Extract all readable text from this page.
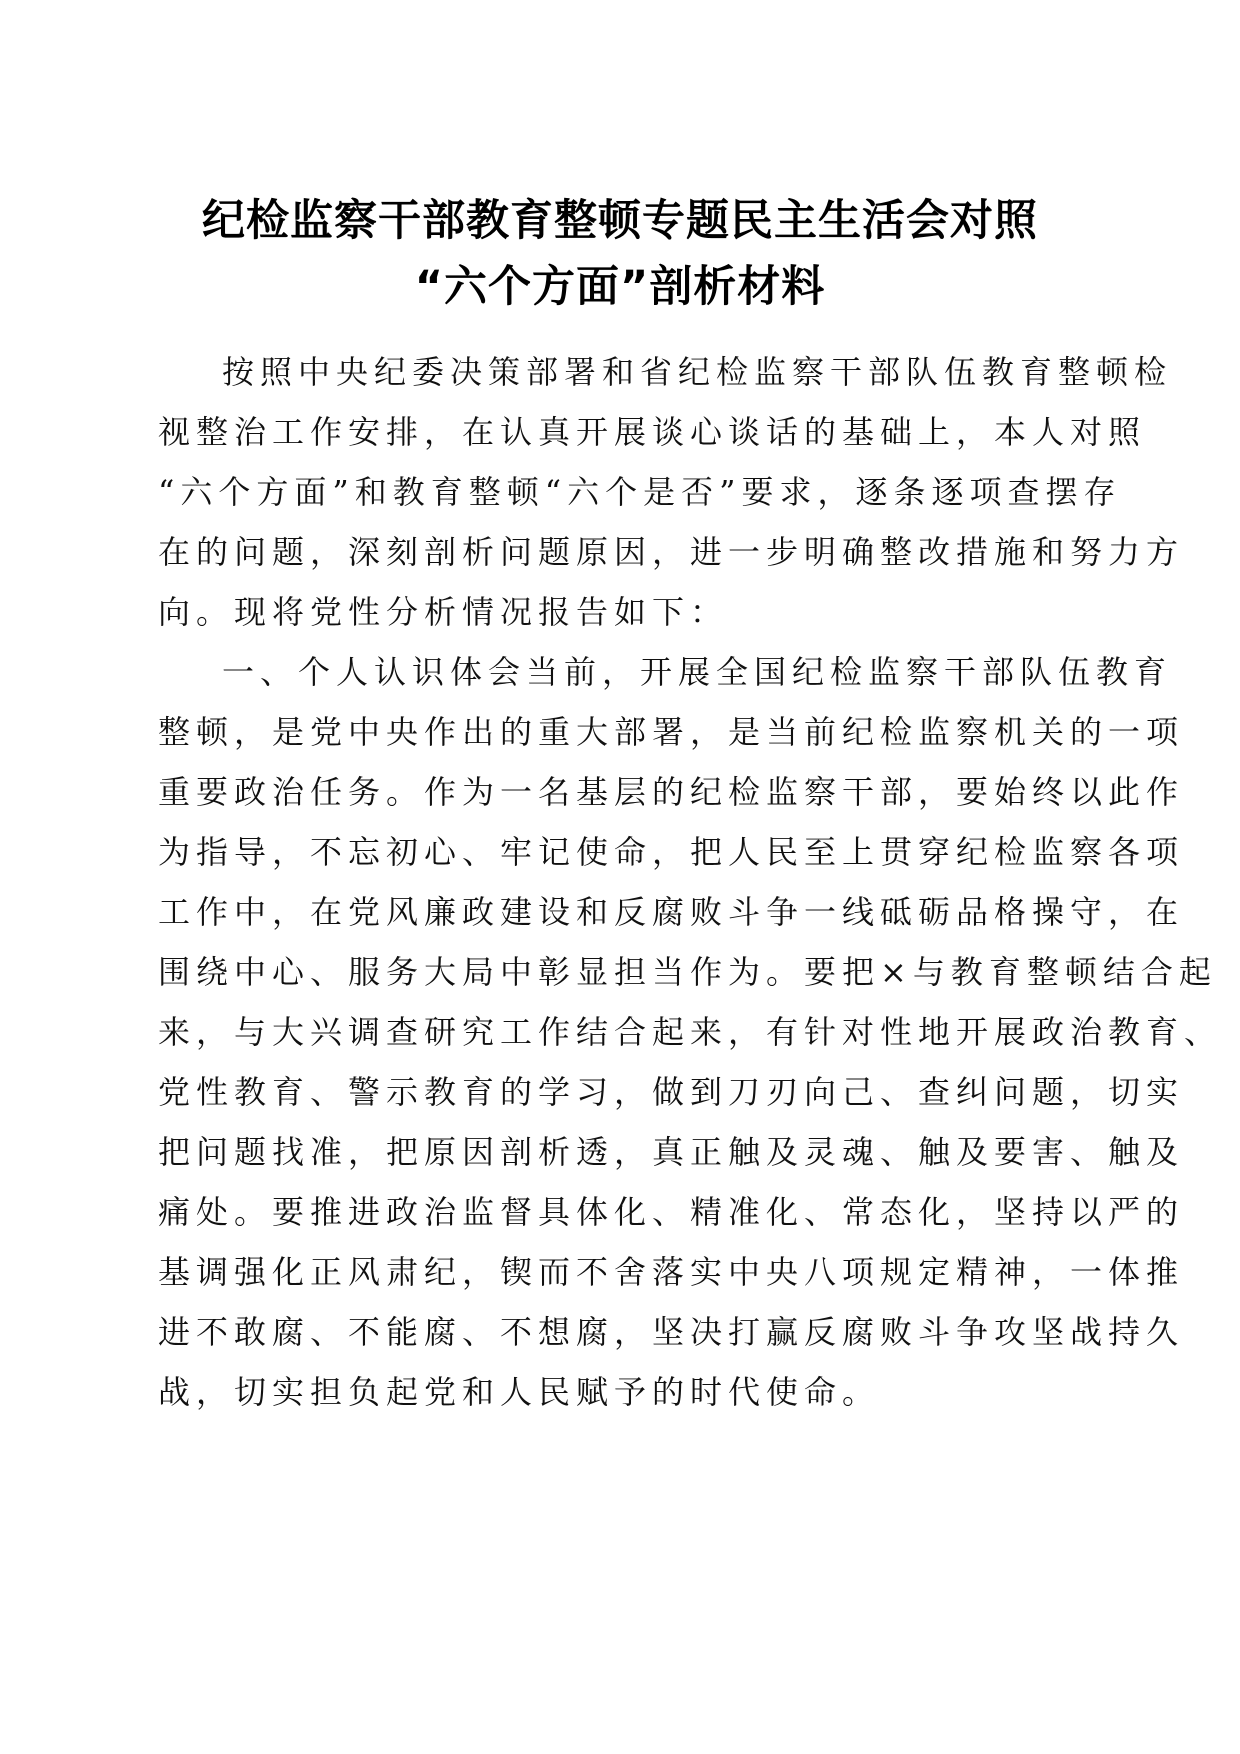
纪检监察干部教育整顿专题民主生活会对照
“六个方面”剖析材料
按照中央纪委决策部署和省纪检监察干部队伍教育整顿检
视整治工作安排，在认真开展谈心谈话的基础上，本人对照
“六个方面”和教育整顿“六个是否”要求，逐条逐项查摆存
在的问题，深刻剖析问题原因，进一步明确整改措施和努力方
向。现将党性分析情况报告如下：
一、个人认识体会当前，开展全国纪检监察干部队伍教育
整顿，是党中央作出的重大部署，是当前纪检监察机关的一项
重要政治任务。作为一名基层的纪检监察干部，要始终以此作
为指导，不忘初心、牢记使命，把人民至上贯穿纪检监察各项
工作中，在党风廉政建设和反腐败斗争一线砥砺品格操守，在
围绕中心、服务大局中彰显担当作为。要把×与教育整顿结合起
来，与大兴调查研究工作结合起来，有针对性地开展政治教育、
党性教育、警示教育的学习，做到刀刃向己、查纠问题，切实
把问题找准，把原因剖析透，真正触及灵魂、触及要害、触及
痛处。要推进政治监督具体化、精准化、常态化，坚持以严的
基调强化正风肃纪，锲而不舍落实中央八项规定精神，一体推
进不敢腐、不能腐、不想腐，坚决打赢反腐败斗争攻坚战持久
战，切实担负起党和人民赋予的时代使命。
